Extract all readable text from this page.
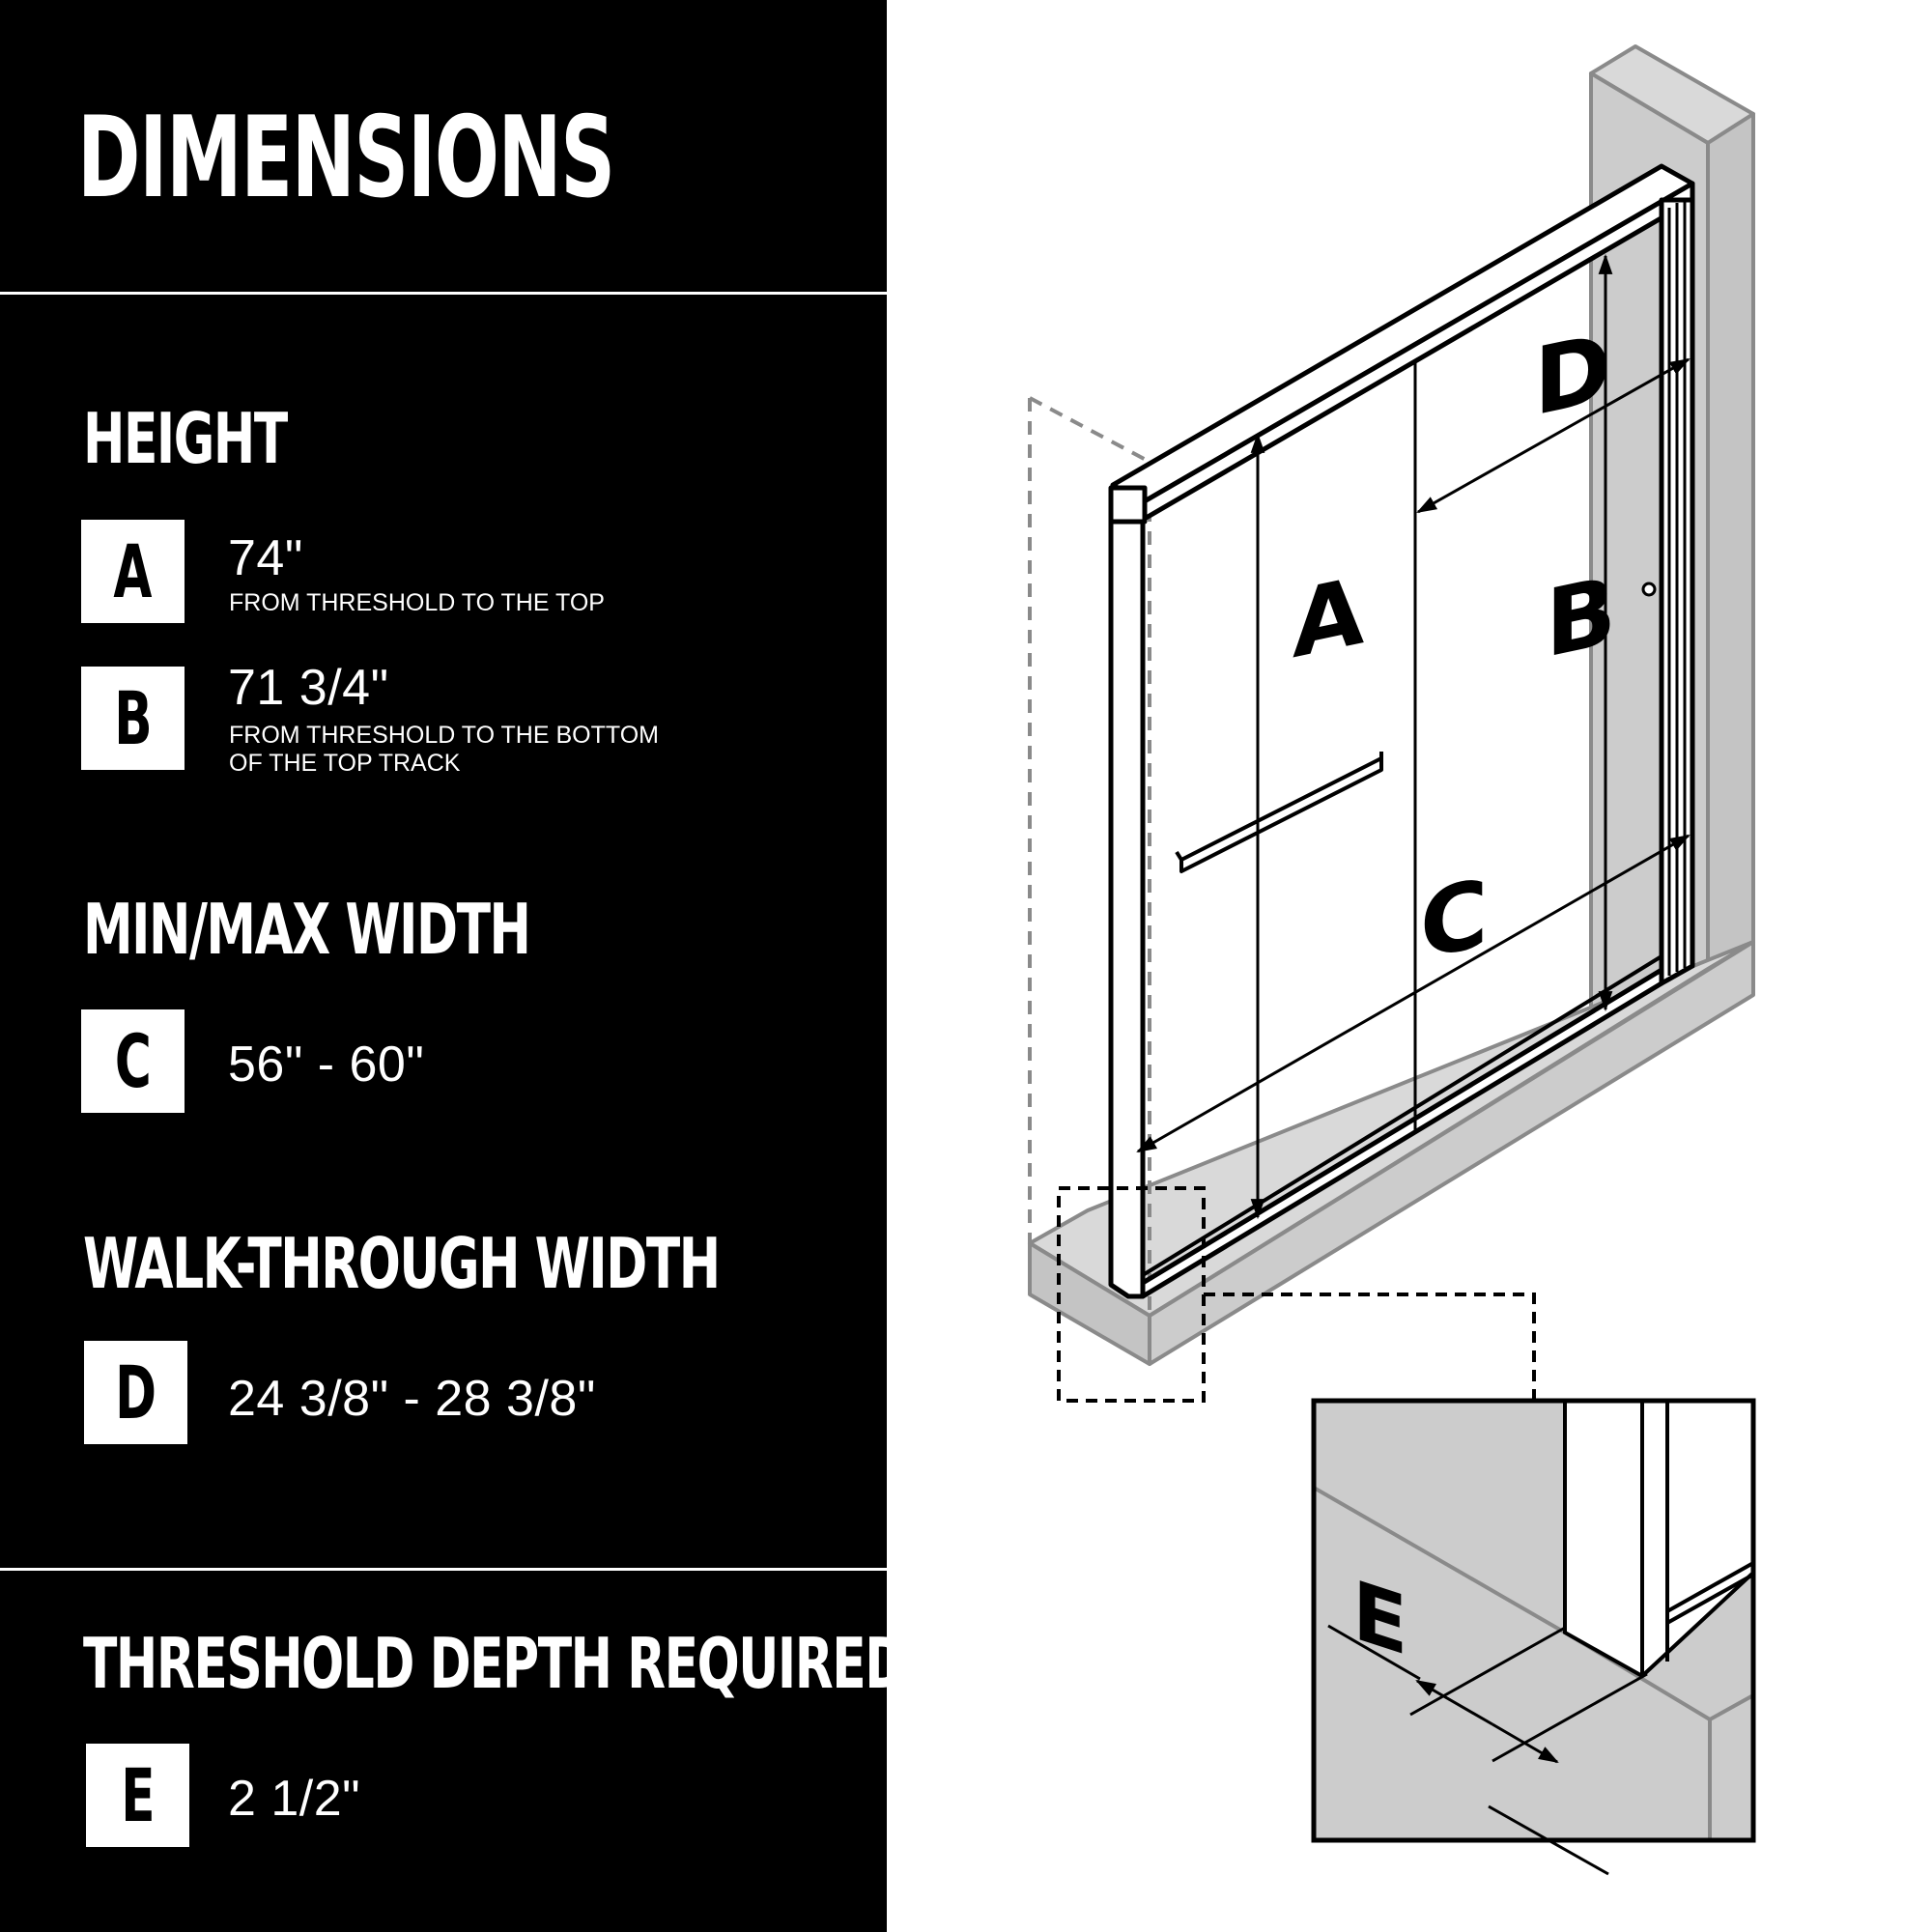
DIMENSIONS
HEIGHT
A 74"
FROM THRESHOLD TO THE TOP
B 71 3/4"
FROM THRESHOLD TO THE BOTTOM
OF THE TOP TRACK
MIN/MAX WIDTH
C 56" - 60"
WALK-THROUGH WIDTH
D 24 3/8" - 28 3/8"
THRESHOLD DEPTH REQUIRED
E 2 1/2"
A B
C
D
E
